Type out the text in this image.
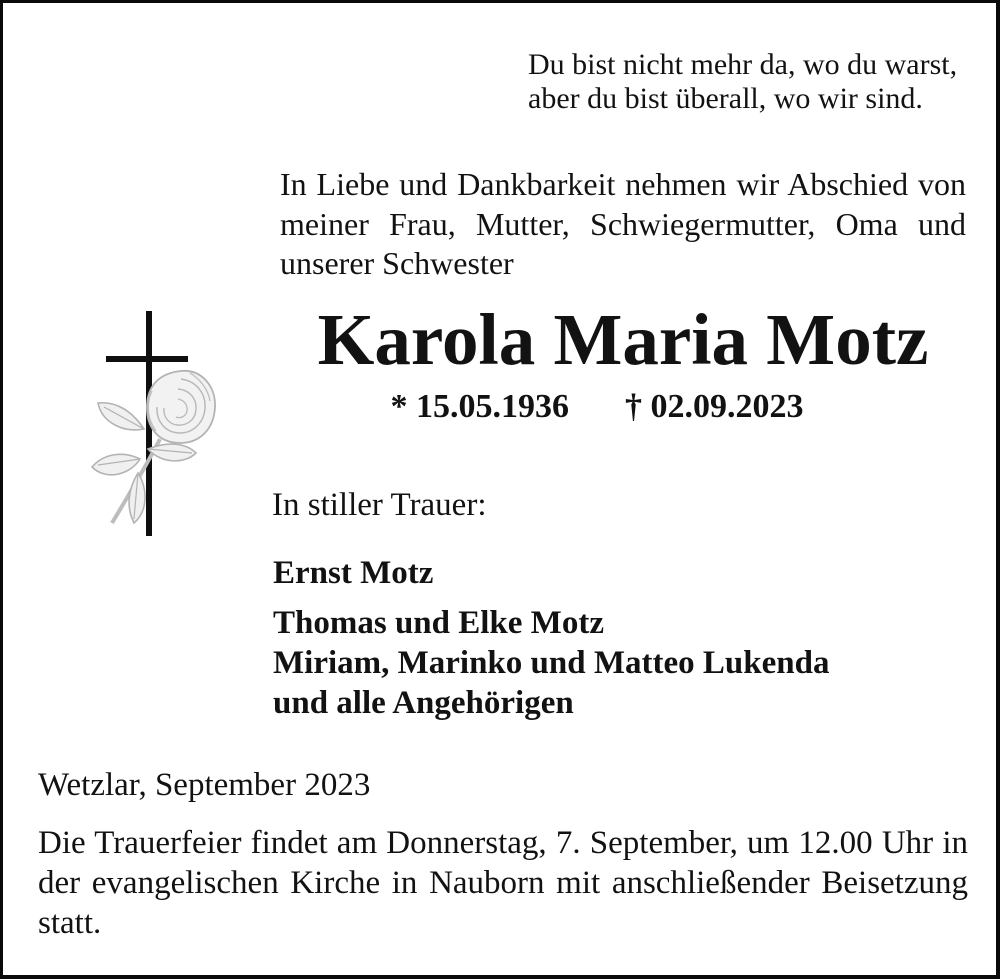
Du bist nicht mehr da, wo du warst,
aber du bist überall, wo wir sind.
In Liebe und Dankbarkeit nehmen wir Abschied von meiner Frau, Mutter, Schwiegermutter, Oma und unserer Schwester
Karola Maria Motz
* 15.05.1936 † 02.09.2023
In stiller Trauer:
Ernst Motz
Thomas und Elke Motz
Miriam, Marinko und Matteo Lukenda
und alle Angehörigen
Wetzlar, September 2023
Die Trauerfeier findet am Donnerstag, 7. September, um 12.00 Uhr in der evangelischen Kirche in Nauborn mit anschließender Beisetzung statt.
